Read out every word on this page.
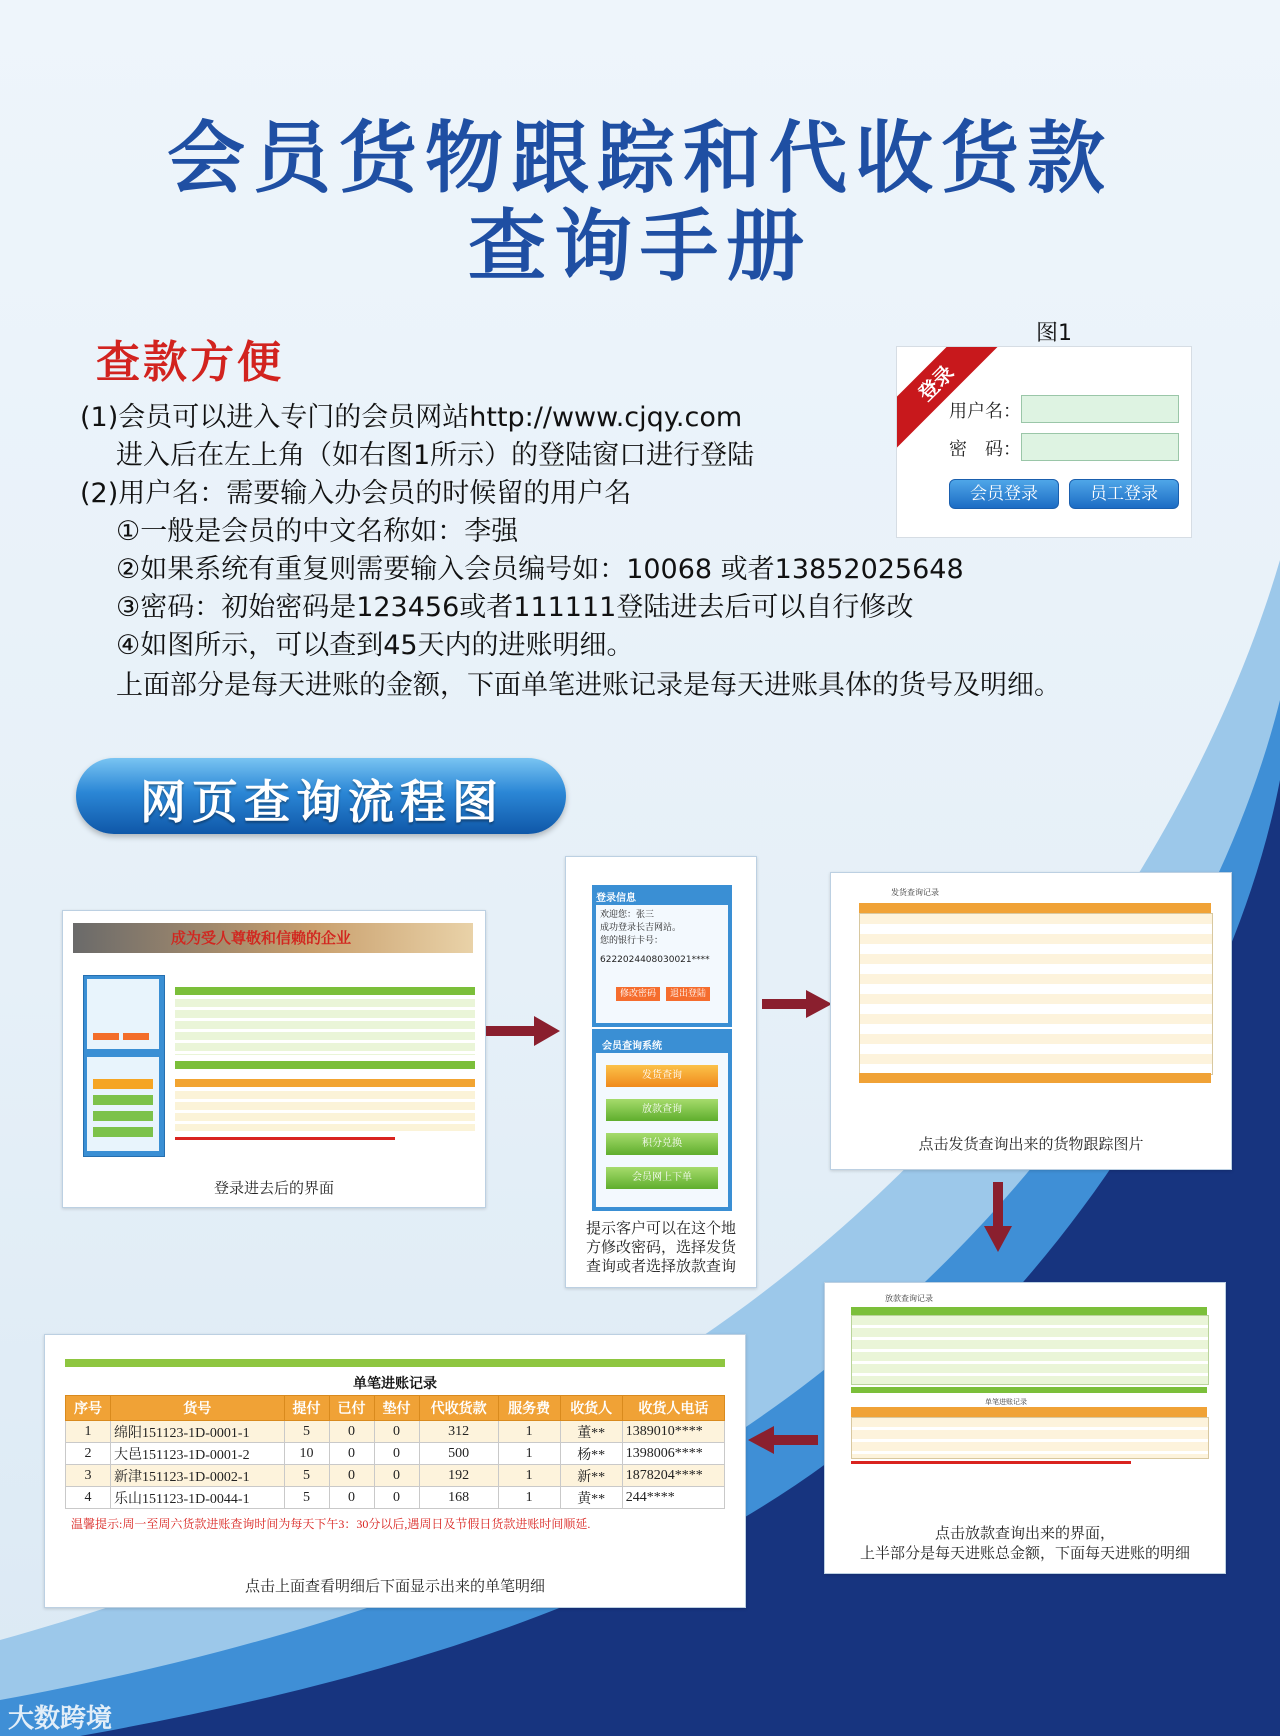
会员货物跟踪和代收货款
查询手册
查款方便
(1)会员可以进入专门的会员网站http://www.cjqy.com
进入后在左上角（如右图1所示）的登陆窗口进行登陆
(2)用户名：需要输入办会员的时候留的用户名
①一般是会员的中文名称如：李强
②如果系统有重复则需要输入会员编号如：10068 或者13852025648
③密码：初始密码是123456或者111111登陆进去后可以自行修改
④如图所示，可以查到45天内的进账明细。
上面部分是每天进账的金额，下面单笔进账记录是每天进账具体的货号及明细。
图1
登录
用户名：
密　码：
会员登录	员工登录
网页查询流程图
成为受人尊敬和信赖的企业
登录进去后的界面
登录信息
欢迎您：张三
成功登录长吉网站。
您的银行卡号：
6222024408030021****
修改密码	退出登陆
会员查询系统
发货查询
放款查询
积分兑换
会员网上下单
提示客户可以在这个地
方修改密码，选择发货
查询或者选择放款查询
发货查询记录
点击发货查询出来的货物跟踪图片
放款查询记录
单笔进账记录
点击放款查询出来的界面，
上半部分是每天进账总金额，下面每天进账的明细
单笔进账记录
序号	货号	提付	已付	垫付	代收货款	服务费	收货人	收货人电话
1	绵阳151123-1D-0001-1	5	0	0	312	1	董**	1389010****
2	大邑151123-1D-0001-2	10	0	0	500	1	杨**	1398006****
3	新津151123-1D-0002-1	5	0	0	192	1	新**	1878204****
4	乐山151123-1D-0044-1	5	0	0	168	1	黄**	244****
温馨提示:周一至周六货款进账查询时间为每天下午3：30分以后,遇周日及节假日货款进账时间顺延.
点击上面查看明细后下面显示出来的单笔明细
大数跨境
